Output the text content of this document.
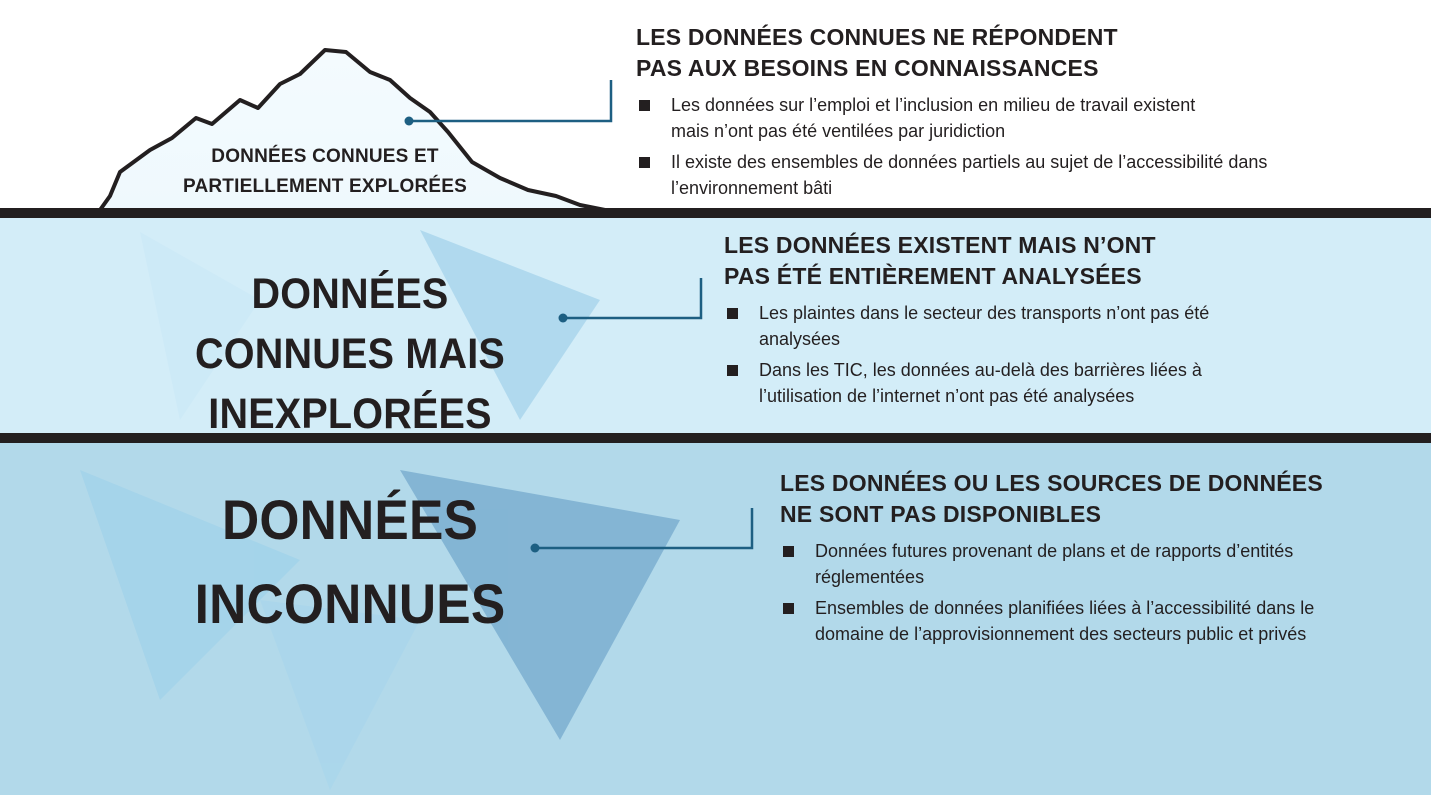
DONNÉES CONNUES ET PARTIELLEMENT EXPLORÉES
DONNÉES CONNUES MAIS INEXPLORÉES
DONNÉES INCONNUES
LES DONNÉES CONNUES NE RÉPONDENT PAS AUX BESOINS EN CONNAISSANCES
Les données sur l’emploi et l’inclusion en milieu de travail existent mais n’ont pas été ventilées par juridiction
Il existe des ensembles de données partiels au sujet de l’accessibilité dans l’environnement bâti
LES DONNÉES EXISTENT MAIS N’ONT PAS ÉTÉ ENTIÈREMENT ANALYSÉES
Les plaintes dans le secteur des transports n’ont pas été analysées
Dans les TIC, les données au-delà des barrières liées à l’utilisation de l’internet n’ont pas été analysées
LES DONNÉES OU LES SOURCES DE DONNÉES NE SONT PAS DISPONIBLES
Données futures provenant de plans et de rapports d’entités réglementées
Ensembles de données planifiées liées à l’accessibilité dans le domaine de l’approvisionnement des secteurs public et privés
